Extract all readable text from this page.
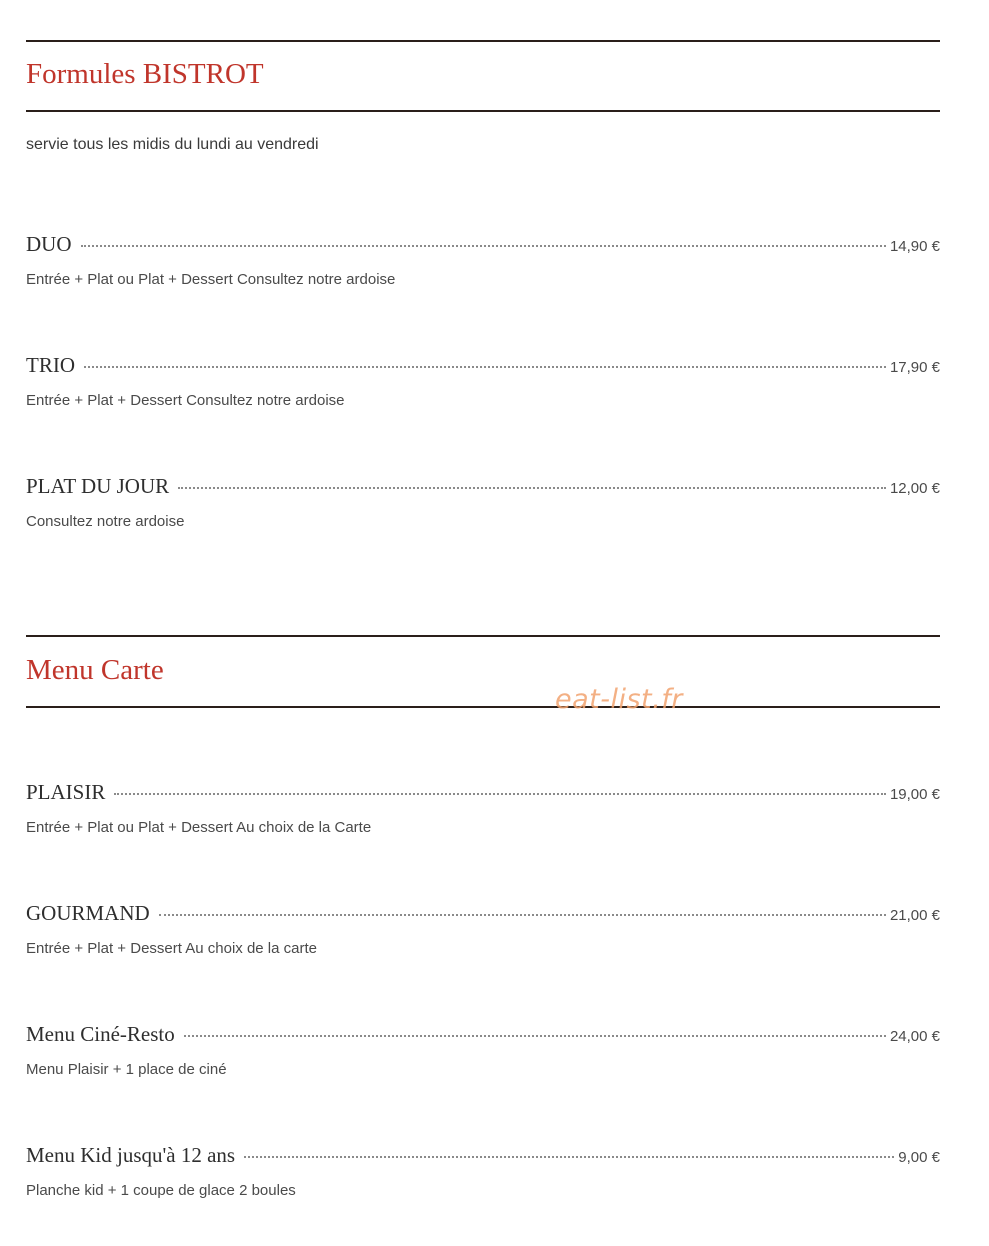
Formules BISTROT

servie tous les midis du lundi au vendredi

DUO	14,90 €
Entrée + Plat ou Plat + Dessert Consultez notre ardoise
TRIO	17,90 €
Entrée + Plat + Dessert Consultez notre ardoise
PLAT DU JOUR	12,00 €
Consultez notre ardoise
Menu Carte
eat-list.fr
PLAISIR	19,00 €
Entrée + Plat ou Plat + Dessert Au choix de la Carte
GOURMAND	21,00 €
Entrée + Plat + Dessert Au choix de la carte
Menu Ciné-Resto	24,00 €
Menu Plaisir + 1 place de ciné
Menu Kid jusqu'à 12 ans	9,00 €
Planche kid + 1 coupe de glace 2 boules
